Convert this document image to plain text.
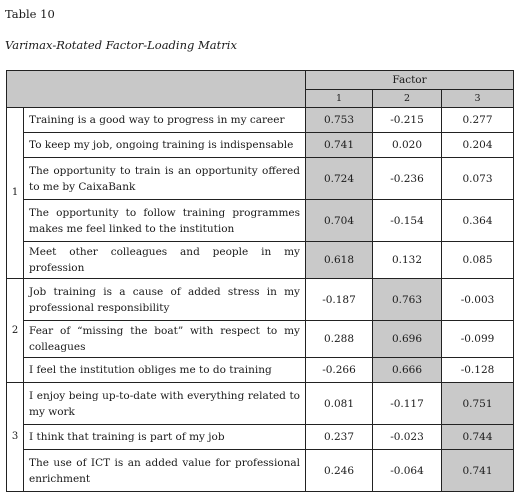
Table 10
Varimax-Rotated Factor-Loading Matrix
		Factor		
		1	2	3
1	Training is a good way to progress in my career	0.753	-0.215	0.277
	To keep my job, ongoing training is indispensable	0.741	0.020	0.204
	The opportunity to train is an opportunity offered to me by CaixaBank	0.724	-0.236	0.073
	The opportunity to follow training programmes makes me feel linked to the institution	0.704	-0.154	0.364
	Meet other colleagues and people in my profession	0.618	0.132	0.085
2	Job training is a cause of added stress in my professional responsibility	-0.187	0.763	-0.003
	Fear of “missing the boat” with respect to my colleagues	0.288	0.696	-0.099
	I feel the institution obliges me to do training	-0.266	0.666	-0.128
3	I enjoy being up-to-date with everything related to my work	0.081	-0.117	0.751
	I think that training is part of my job	0.237	-0.023	0.744
	The use of ICT is an added value for professional enrichment	0.246	-0.064	0.741
